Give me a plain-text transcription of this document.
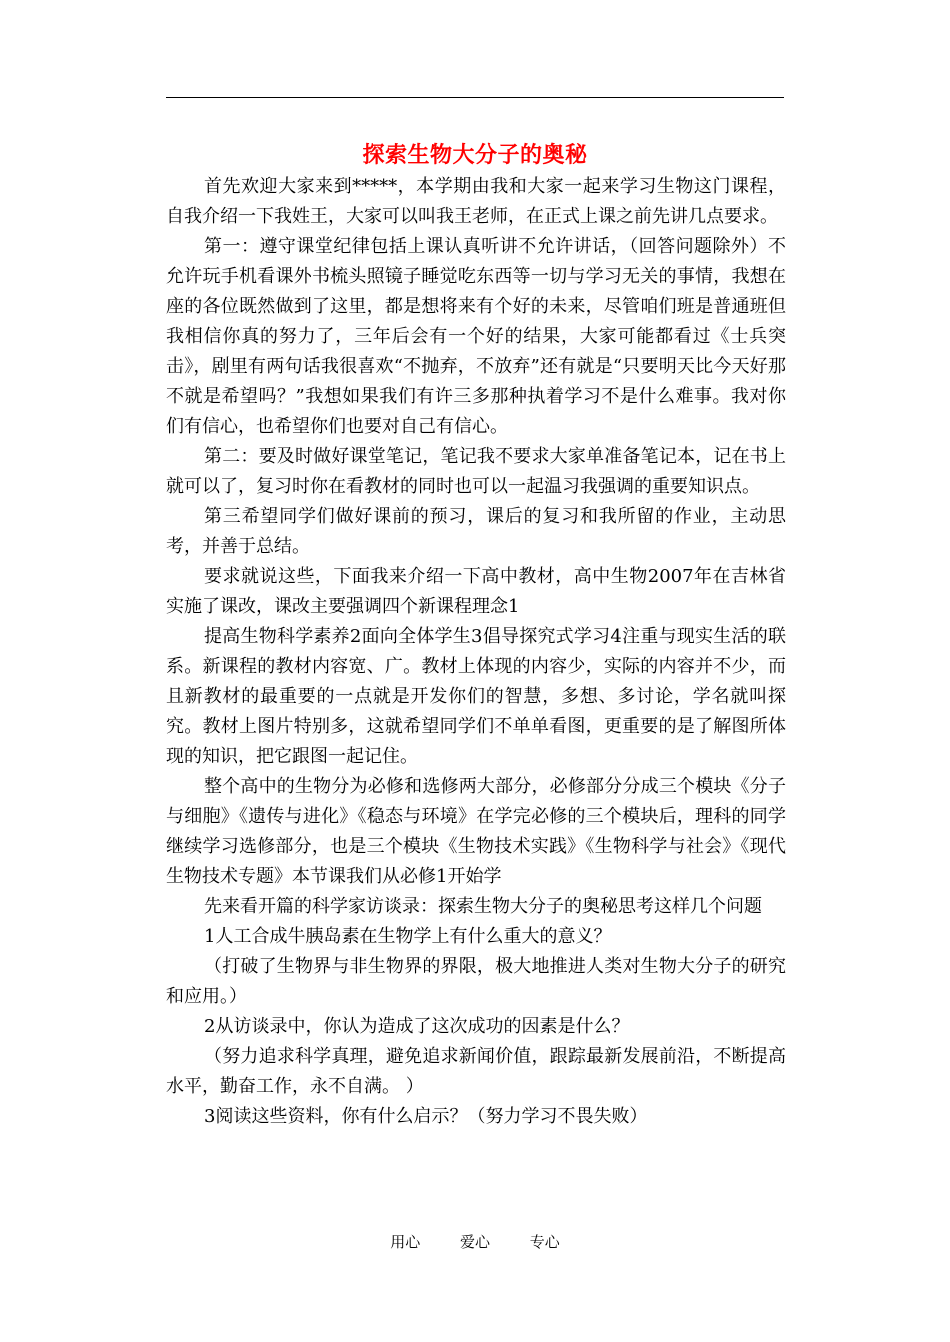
探索生物大分子的奥秘

首先欢迎大家来到*****，本学期由我和大家一起来学习生物这门课程，自我介绍一下我姓王，大家可以叫我王老师，在正式上课之前先讲几点要求。

第一：遵守课堂纪律包括上课认真听讲不允许讲话，（回答问题除外）不允许玩手机看课外书梳头照镜子睡觉吃东西等一切与学习无关的事情，我想在座的各位既然做到了这里，都是想将来有个好的未来，尽管咱们班是普通班但我相信你真的努力了，三年后会有一个好的结果，大家可能都看过《士兵突击》，剧里有两句话我很喜欢“不抛弃，不放弃”还有就是“只要明天比今天好那不就是希望吗？”我想如果我们有许三多那种执着学习不是什么难事。我对你们有信心，也希望你们也要对自己有信心。

第二：要及时做好课堂笔记，笔记我不要求大家单准备笔记本，记在书上就可以了，复习时你在看教材的同时也可以一起温习我强调的重要知识点。

第三希望同学们做好课前的预习，课后的复习和我所留的作业，主动思考，并善于总结。

要求就说这些，下面我来介绍一下高中教材，高中生物2007年在吉林省实施了课改，课改主要强调四个新课程理念1

提高生物科学素养2面向全体学生3倡导探究式学习4注重与现实生活的联系。新课程的教材内容宽、广。教材上体现的内容少，实际的内容并不少，而且新教材的最重要的一点就是开发你们的智慧，多想、多讨论，学名就叫探究。教材上图片特别多，这就希望同学们不单单看图，更重要的是了解图所体现的知识，把它跟图一起记住。

整个高中的生物分为必修和选修两大部分，必修部分分成三个模块《分子与细胞》《遗传与进化》《稳态与环境》在学完必修的三个模块后，理科的同学继续学习选修部分，也是三个模块《生物技术实践》《生物科学与社会》《现代生物技术专题》本节课我们从必修1开始学

先来看开篇的科学家访谈录：探索生物大分子的奥秘思考这样几个问题

1人工合成牛胰岛素在生物学上有什么重大的意义？

（打破了生物界与非生物界的界限，极大地推进人类对生物大分子的研究和应用。）

2从访谈录中，你认为造成了这次成功的因素是什么？

（努力追求科学真理，避免追求新闻价值，跟踪最新发展前沿，不断提高水平，勤奋工作，永不自满。 ）

3阅读这些资料，你有什么启示？（努力学习不畏失败）

用心　 爱心　 专心
